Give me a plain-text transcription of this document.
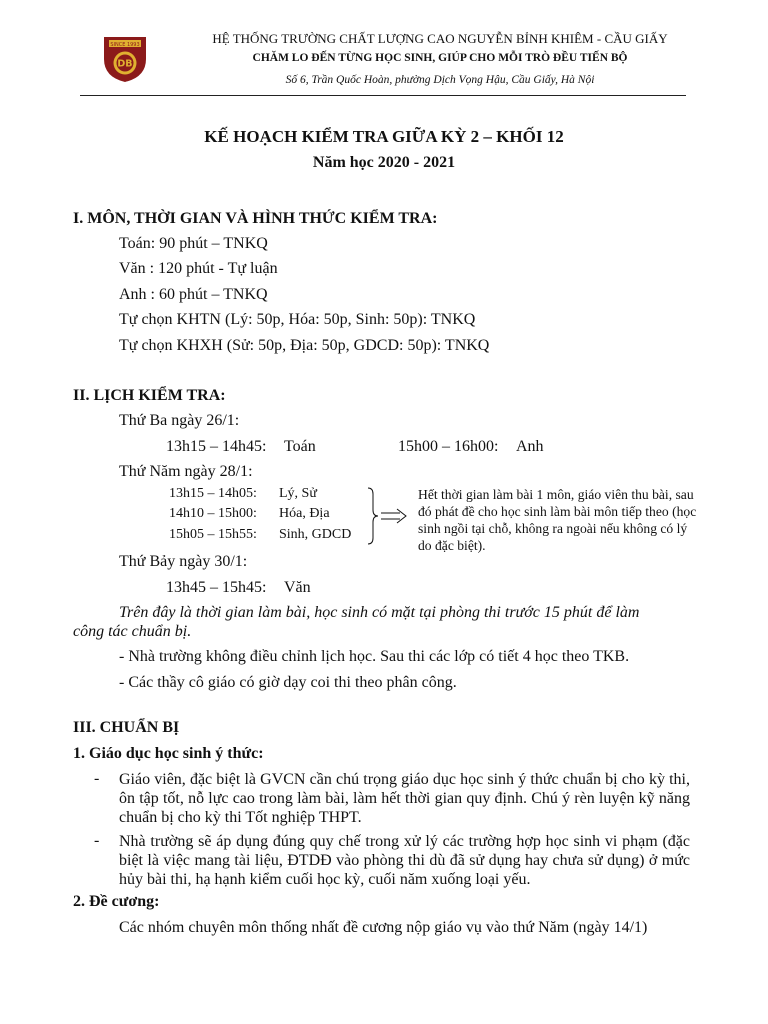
SINCE 1993
DB
HỆ THỐNG TRƯỜNG CHẤT LƯỢNG CAO NGUYỄN BỈNH KHIÊM - CẦU GIẤY
CHĂM LO ĐẾN TỪNG HỌC SINH, GIÚP CHO MỖI TRÒ ĐỀU TIẾN BỘ
Số 6, Trần Quốc Hoàn, phường Dịch Vọng Hậu, Cầu Giấy, Hà Nội
KẾ HOẠCH KIỂM TRA GIỮA KỲ 2 – KHỐI 12
Năm học 2020 - 2021
I. MÔN, THỜI GIAN VÀ HÌNH THỨC KIỂM TRA:
Toán: 90 phút – TNKQ
Văn : 120 phút - Tự luận
Anh : 60 phút – TNKQ
Tự chọn KHTN (Lý: 50p, Hóa: 50p, Sinh: 50p): TNKQ
Tự chọn KHXH (Sử: 50p, Địa: 50p, GDCD: 50p): TNKQ
II. LỊCH KIỂM TRA:
Thứ Ba ngày 26/1:
13h15 – 14h45: Toán	15h00 – 16h00: Anh
Thứ Năm ngày 28/1:
13h15 – 14h05: Lý, Sử
14h10 – 15h00: Hóa, Địa
15h05 – 15h55: Sinh, GDCD
Hết thời gian làm bài 1 môn, giáo viên thu bài, sau đó phát đề cho học sinh làm bài môn tiếp theo (học sinh ngồi tại chỗ, không ra ngoài nếu không có lý do đặc biệt).
Thứ Bảy ngày 30/1:
13h45 – 15h45: Văn
Trên đây là thời gian làm bài, học sinh có mặt tại phòng thi trước 15 phút để làm
công tác chuẩn bị.
- Nhà trường không điều chỉnh lịch học. Sau thi các lớp có tiết 4 học theo TKB.
- Các thầy cô giáo có giờ dạy coi thi theo phân công.
III. CHUẨN BỊ
1. Giáo dục học sinh ý thức:
- Giáo viên, đặc biệt là GVCN cần chú trọng giáo dục học sinh ý thức chuẩn bị cho kỳ thi, ôn tập tốt, nỗ lực cao trong làm bài, làm hết thời gian quy định. Chú ý rèn luyện kỹ năng chuẩn bị cho kỳ thi Tốt nghiệp THPT.
- Nhà trường sẽ áp dụng đúng quy chế trong xử lý các trường hợp học sinh vi phạm (đặc biệt là việc mang tài liệu, ĐTDĐ vào phòng thi dù đã sử dụng hay chưa sử dụng) ở mức hủy bài thi, hạ hạnh kiểm cuối học kỳ, cuối năm xuống loại yếu.
2. Đề cương:
Các nhóm chuyên môn thống nhất đề cương nộp giáo vụ vào thứ Năm (ngày 14/1)
